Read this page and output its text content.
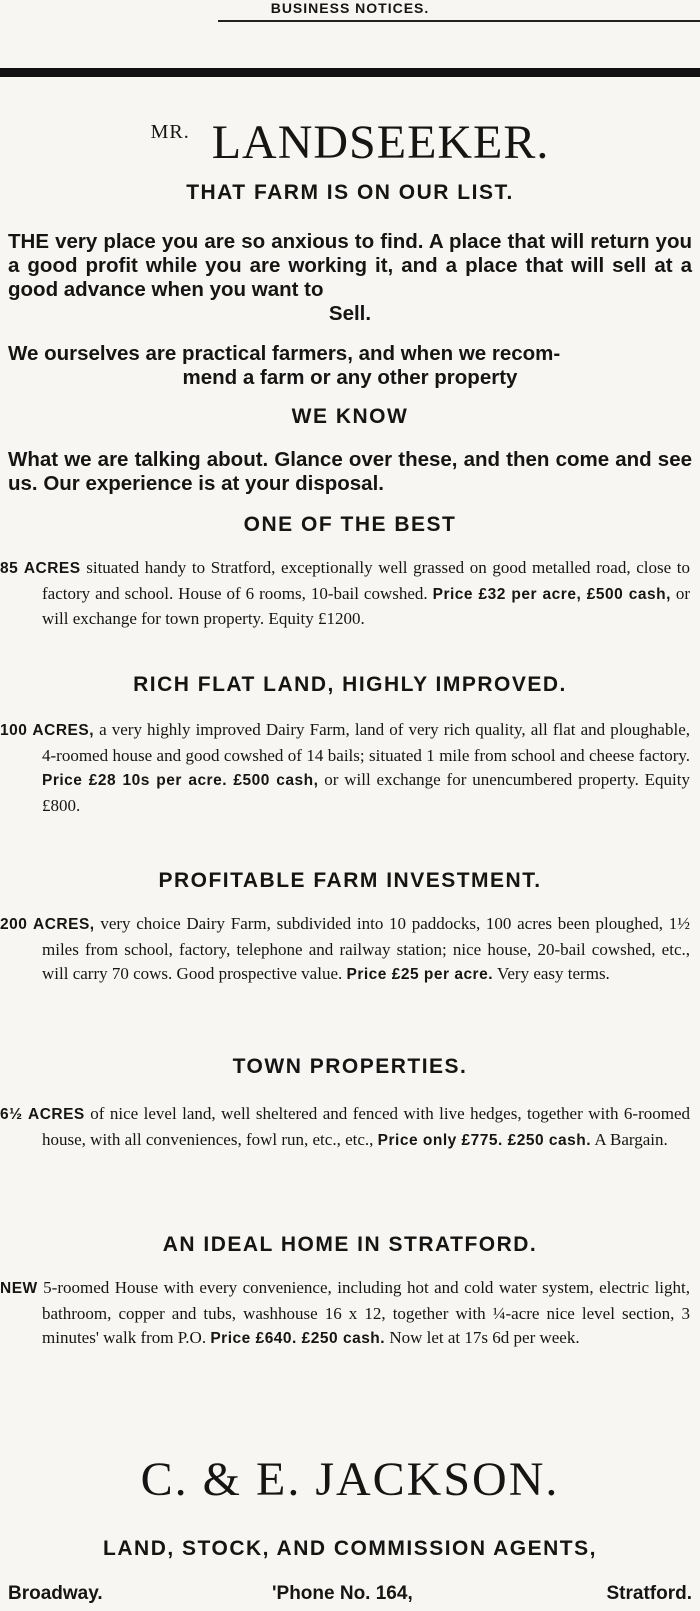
BUSINESS NOTICES.
$^{MR.}$ LANDSEEKER.
THAT FARM IS ON OUR LIST.
THE very place you are so anxious to find. A place that will return you a good profit while you are working it, and a place that will sell at a good advance when you want to
Sell.
We ourselves are practical farmers, and when we recom-
mend a farm or any other property
WE KNOW
What we are talking about. Glance over these, and then come and see us. Our experience is at your disposal.
ONE OF THE BEST

85 ACRES situated handy to Stratford, exceptionally well grassed on good metalled road, close to factory and school. House of 6 rooms, 10-bail cowshed. Price £32 per acre, £500 cash, or will exchange for town property. Equity £1200.

RICH FLAT LAND, HIGHLY IMPROVED.

100 ACRES, a very highly improved Dairy Farm, land of very rich quality, all flat and ploughable, 4-roomed house and good cowshed of 14 bails; situated 1 mile from school and cheese factory. Price £28 10s per acre. £500 cash, or will exchange for unencumbered property. Equity £800.

PROFITABLE FARM INVESTMENT.

200 ACRES, very choice Dairy Farm, subdivided into 10 paddocks, 100 acres been ploughed, 1½ miles from school, factory, telephone and railway station; nice house, 20-bail cowshed, etc., will carry 70 cows. Good prospective value. Price £25 per acre. Very easy terms.

TOWN PROPERTIES.

6½ ACRES of nice level land, well sheltered and fenced with live hedges, together with 6-roomed house, with all conveniences, fowl run, etc., etc., Price only £775. £250 cash. A Bargain.

AN IDEAL HOME IN STRATFORD.

NEW 5-roomed House with every convenience, including hot and cold water system, electric light, bathroom, copper and tubs, washhouse 16 x 12, together with ¼-acre nice level section, 3 minutes' walk from P.O. Price £640. £250 cash. Now let at 17s 6d per week.

C. & E. JACKSON.
LAND, STOCK, AND COMMISSION AGENTS,
Broadway.	'Phone No. 164,	Stratford.
